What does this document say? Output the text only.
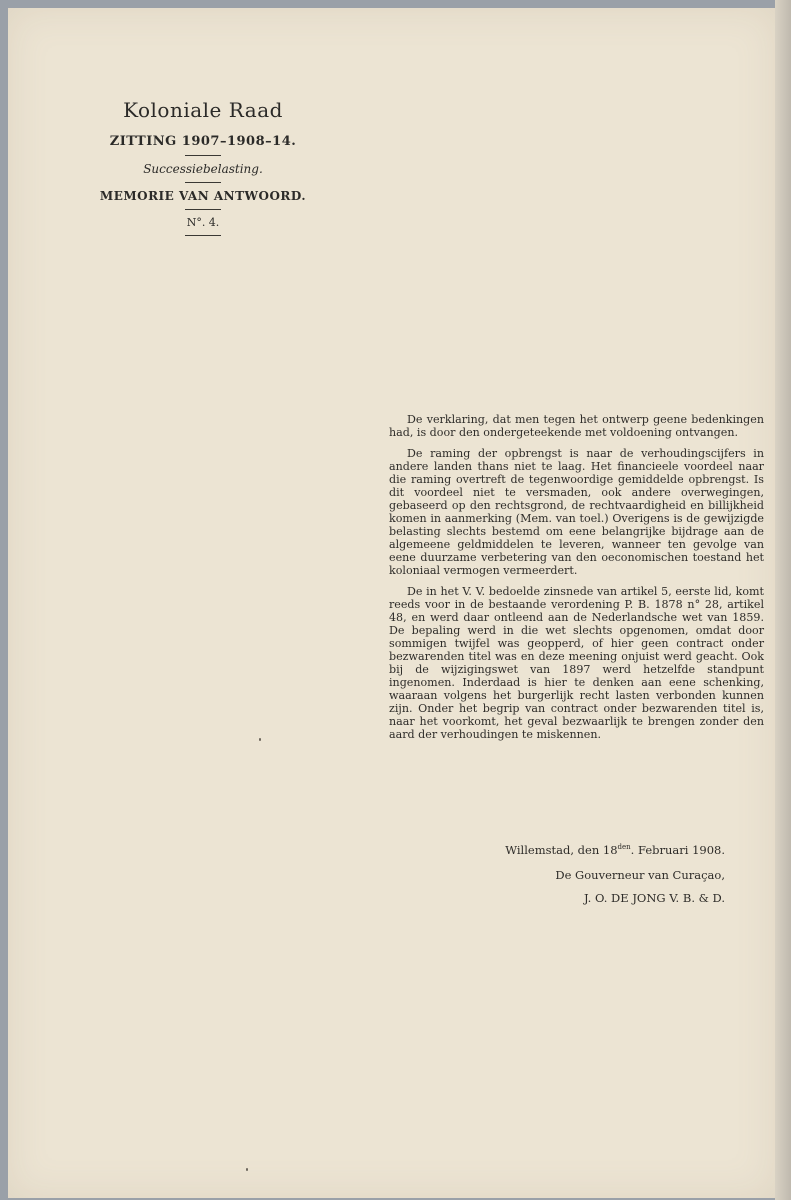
Koloniale Raad
ZITTING 1907–1908–14.
Successiebelasting.
MEMORIE VAN ANTWOORD.
N°. 4.

De verklaring, dat men tegen het ontwerp geene bedenkingen had, is door den ondergeteekende met voldoening ontvangen.

De raming der opbrengst is naar de verhoudingscijfers in andere landen thans niet te laag. Het financieele voordeel naar die raming overtreft de tegenwoordige gemiddelde opbrengst. Is dit voordeel niet te versmaden, ook andere overwegingen, gebaseerd op den rechtsgrond, de rechtvaardigheid en billijkheid komen in aanmerking (Mem. van toel.) Overigens is de gewijzigde belasting slechts bestemd om eene belangrijke bijdrage aan de algemeene geldmiddelen te leveren, wanneer ten gevolge van eene duurzame verbetering van den oeconomischen toestand het koloniaal vermogen vermeerdert.

De in het V. V. bedoelde zinsnede van artikel 5, eerste lid, komt reeds voor in de bestaande verordening P. B. 1878 n° 28, artikel 48, en werd daar ontleend aan de Nederlandsche wet van 1859. De bepaling werd in die wet slechts opgenomen, omdat door sommigen twijfel was geopperd, of hier geen contract onder bezwarenden titel was en deze meening onjuist werd geacht. Ook bij de wijzigingswet van 1897 werd hetzelfde standpunt ingenomen. Inderdaad is hier te denken aan eene schenking, waaraan volgens het burgerlijk recht lasten verbonden kunnen zijn. Onder het begrip van contract onder bezwarenden titel is, naar het voorkomt, het geval bezwaarlijk te brengen zonder den aard der verhoudingen te miskennen.

Willemstad, den $18^{den}$. Februari 1908.
De Gouverneur van Curaçao,
J. O. DE JONG V. B. & D.
